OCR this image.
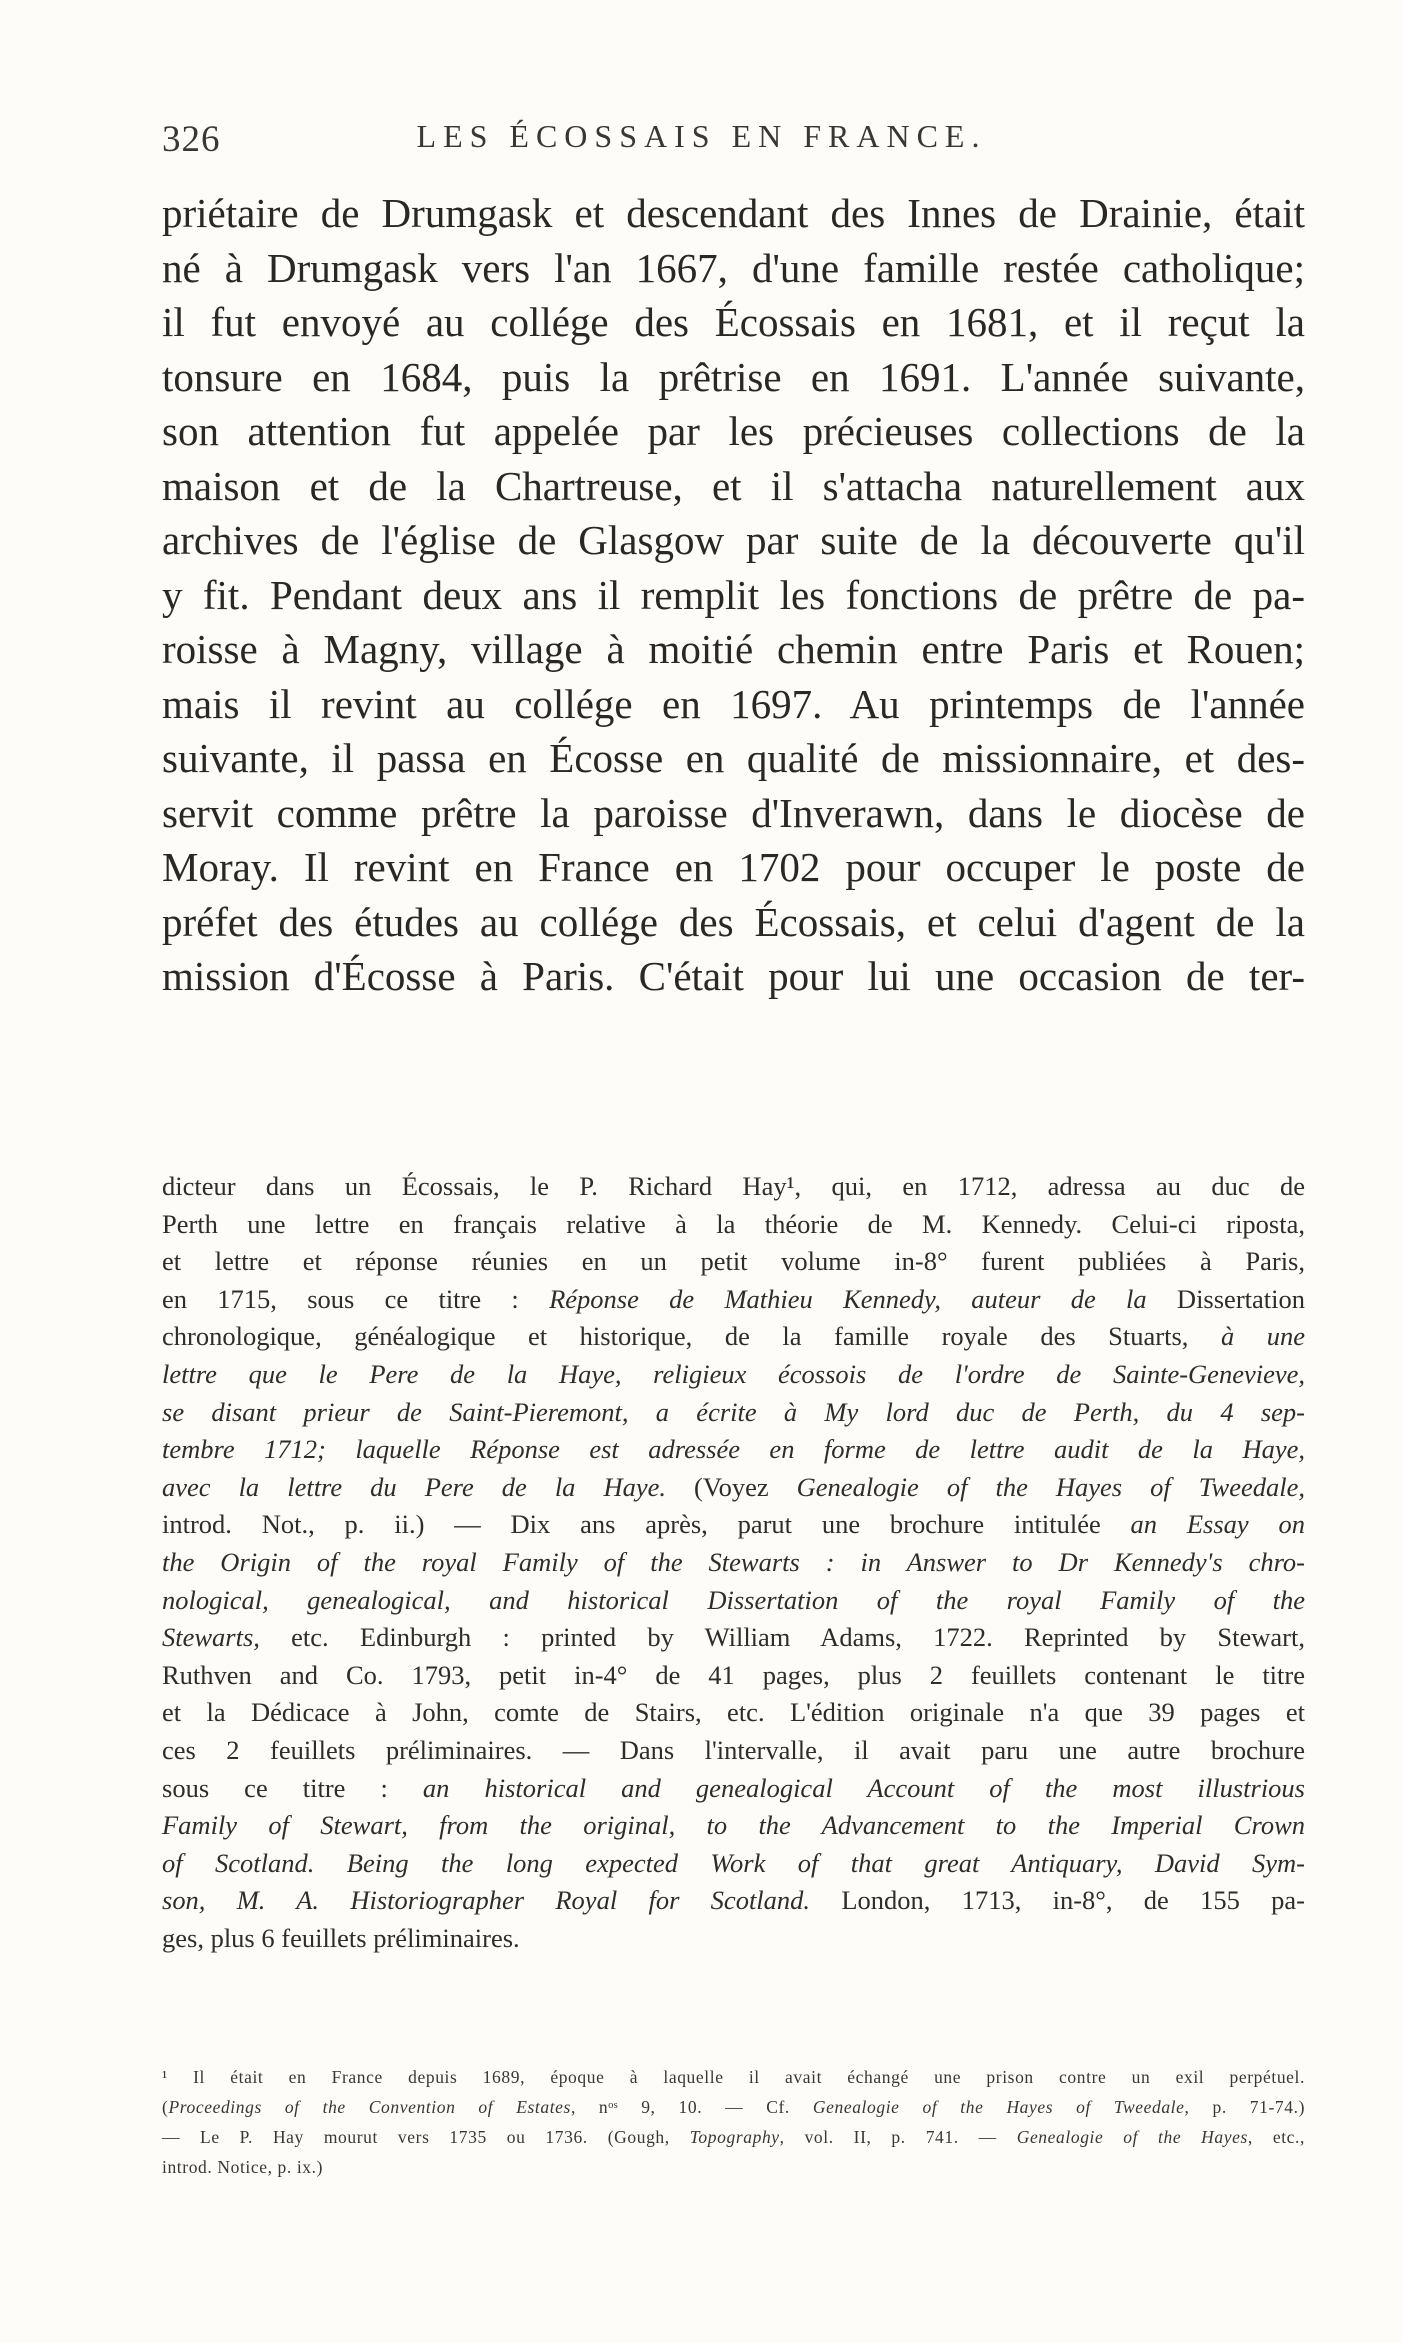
326	LES ÉCOSSAIS EN FRANCE.
priétaire de Drumgask et descendant des Innes de Drainie, était
né à Drumgask vers l'an 1667, d'une famille restée catholique;
il fut envoyé au collége des Écossais en 1681, et il reçut la
tonsure en 1684, puis la prêtrise en 1691. L'année suivante,
son attention fut appelée par les précieuses collections de la
maison et de la Chartreuse, et il s'attacha naturellement aux
archives de l'église de Glasgow par suite de la découverte qu'il
y fit. Pendant deux ans il remplit les fonctions de prêtre de pa-
roisse à Magny, village à moitié chemin entre Paris et Rouen;
mais il revint au collége en 1697. Au printemps de l'année
suivante, il passa en Écosse en qualité de missionnaire, et des-
servit comme prêtre la paroisse d'Inverawn, dans le diocèse de
Moray. Il revint en France en 1702 pour occuper le poste de
préfet des études au collége des Écossais, et celui d'agent de la
mission d'Écosse à Paris. C'était pour lui une occasion de ter-
dicteur dans un Écossais, le P. Richard Hay¹, qui, en 1712, adressa au duc de
Perth une lettre en français relative à la théorie de M. Kennedy. Celui-ci riposta,
et lettre et réponse réunies en un petit volume in-8° furent publiées à Paris,
en 1715, sous ce titre : Réponse de Mathieu Kennedy, auteur de la Dissertation
chronologique, généalogique et historique, de la famille royale des Stuarts, à une
lettre que le Pere de la Haye, religieux écossois de l'ordre de Sainte-Genevieve,
se disant prieur de Saint-Pieremont, a écrite à My lord duc de Perth, du 4 sep-
tembre 1712; laquelle Réponse est adressée en forme de lettre audit de la Haye,
avec la lettre du Pere de la Haye. (Voyez Genealogie of the Hayes of Tweedale,
introd. Not., p. ii.) — Dix ans après, parut une brochure intitulée an Essay on
the Origin of the royal Family of the Stewarts : in Answer to Dr Kennedy's chro-
nological, genealogical, and historical Dissertation of the royal Family of the
Stewarts, etc. Edinburgh : printed by William Adams, 1722. Reprinted by Stewart,
Ruthven and Co. 1793, petit in-4° de 41 pages, plus 2 feuillets contenant le titre
et la Dédicace à John, comte de Stairs, etc. L'édition originale n'a que 39 pages et
ces 2 feuillets préliminaires. — Dans l'intervalle, il avait paru une autre brochure
sous ce titre : an historical and genealogical Account of the most illustrious
Family of Stewart, from the original, to the Advancement to the Imperial Crown
of Scotland. Being the long expected Work of that great Antiquary, David Sym-
son, M. A. Historiographer Royal for Scotland. London, 1713, in-8°, de 155 pa-
ges, plus 6 feuillets préliminaires.
¹ Il était en France depuis 1689, époque à laquelle il avait échangé une prison contre un exil perpétuel.
(Proceedings of the Convention of Estates, nᵒˢ 9, 10. — Cf. Genealogie of the Hayes of Tweedale, p. 71-74.)
— Le P. Hay mourut vers 1735 ou 1736. (Gough, Topography, vol. II, p. 741. — Genealogie of the Hayes, etc.,
introd. Notice, p. ix.)
